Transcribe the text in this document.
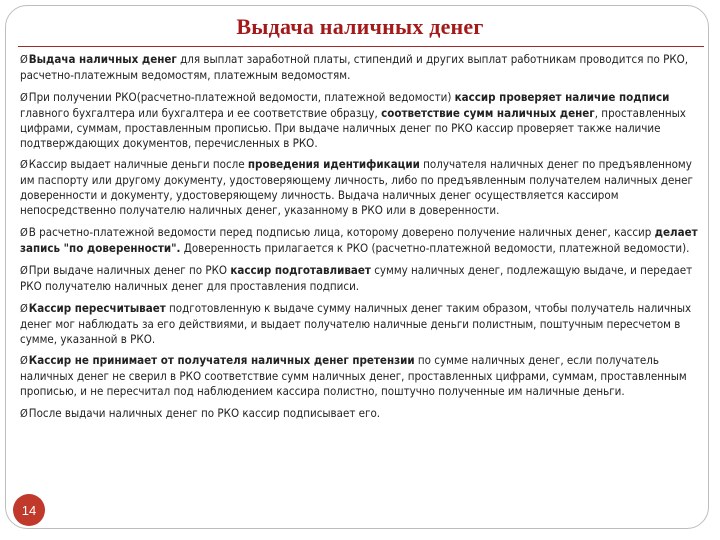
Выдача наличных денег
ØВыдача наличных денег для выплат заработной платы, стипендий и других выплат работникам проводится по РКО, расчетно-платежным ведомостям, платежным ведомостям.
ØПри получении РКО(расчетно-платежной ведомости, платежной ведомости) кассир проверяет наличие подписи главного бухгалтера или бухгалтера и ее соответствие образцу, соответствие сумм наличных денег, проставленных цифрами, суммам, проставленным прописью. При выдаче наличных денег по РКО кассир проверяет также наличие подтверждающих документов, перечисленных в РКО.
ØКассир выдает наличные деньги после проведения идентификации получателя наличных денег по предъявленному им паспорту или другому документу, удостоверяющему личность, либо по предъявленным получателем наличных денег доверенности и документу, удостоверяющему личность. Выдача наличных денег осуществляется кассиром непосредственно получателю наличных денег, указанному в РКО или в доверенности.
ØВ расчетно-платежной ведомости перед подписью лица, которому доверено получение наличных денег, кассир делает запись "по доверенности". Доверенность прилагается к РКО (расчетно-платежной ведомости, платежной ведомости).
ØПри выдаче наличных денег по РКО кассир подготавливает сумму наличных денег, подлежащую выдаче, и передает РКО получателю наличных денег для проставления подписи.
ØКассир пересчитывает подготовленную к выдаче сумму наличных денег таким образом, чтобы получатель наличных денег мог наблюдать за его действиями, и выдает получателю наличные деньги полистным, поштучным пересчетом в сумме, указанной в РКО.
ØКассир не принимает от получателя наличных денег претензии по сумме наличных денег, если получатель наличных денег не сверил в РКО соответствие сумм наличных денег, проставленных цифрами, суммам, проставленным прописью, и не пересчитал под наблюдением кассира полистно, поштучно полученные им наличные деньги.
ØПосле выдачи наличных денег по РКО кассир подписывает его.
14
